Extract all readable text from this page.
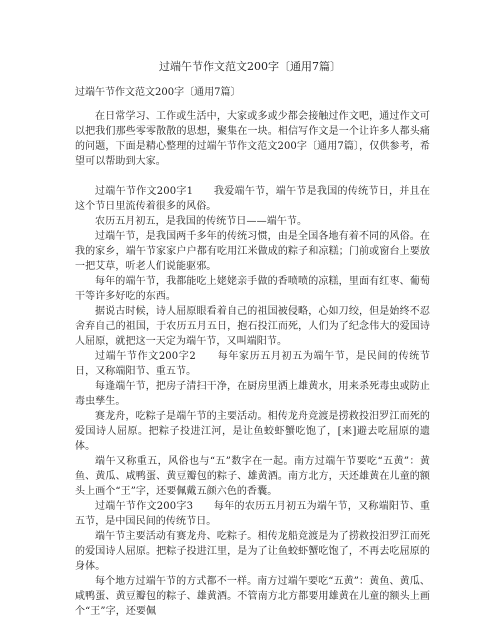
过端午节作文范文200字〔通用7篇〕
过端午节作文范文200字〔通用7篇〕

在日常学习、工作或生活中，大家或多或少都会接触过作文吧，通过作文可以把我们那些零零散散的思想，聚集在一块。相信写作文是一个让许多人都头痛的问题，下面是精心整理的过端午节作文范文200字〔通用7篇〕，仅供参考，希望可以帮助到大家。

过端午节作文200字1　　我爱端午节，端午节是我国的传统节日，并且在这个节日里流传着很多的风俗。

农历五月初五，是我国的传统节日——端午节。

过端午节，是我国两千多年的传统习惯，由是全国各地有着不同的风俗。在我的家乡，端午节家家户户都有吃用江米做成的粽子和凉糕；门前或窗台上要放一把艾草，听老人们说能驱邪。

每年的端午节，我都能吃上姥姥亲手做的香喷喷的凉糕，里面有红枣、葡萄干等许多好吃的东西。

据说古时候，诗人屈原眼看着自己的祖国被侵略，心如刀绞，但是始终不忍舍弃自己的祖国，于农历五月五日，抱石投江而死，人们为了纪念伟大的爱国诗人屈原，就把这一天定为端午节，又叫端阳节。

过端午节作文200字2　　每年家历五月初五为端午节，是民间的传统节日，又称端阳节、重五节。

每逢端午节，把房子清扫干净，在厨房里洒上雄黄水，用来杀死毒虫或防止毒虫孳生。

赛龙舟，吃粽子是端午节的主要活动。相传龙舟竞渡是捞救投汨罗江而死的爱国诗人屈原。把粽子投进江河，是让鱼蛟虾蟹吃饱了，[来]避去吃屈原的遗体。

端午又称重五，风俗也与“五”数字在一起。南方过端午节要吃“五黄”：黄鱼、黄瓜、咸鸭蛋、黄豆瓣包的粽子、雄黄酒。南方北方，天还雄黄在儿童的额头上画个“王”字，还要佩戴五颜六色的香囊。

过端午节作文200字3　　每年的农历五月初五为端午节，又称端阳节、重五节，是中国民间的传统节日。

端午节主要活动有赛龙舟、吃粽子。相传龙船竞渡是为了捞救投汨罗江而死的爱国诗人屈原。把粽子投进江里，是为了让鱼蛟虾蟹吃饱了，不再去吃屈原的身体。

每个地方过端午节的方式都不一样。南方过端午要吃“五黄”：黄鱼、黄瓜、咸鸭蛋、黄豆瓣包的粽子、雄黄酒。不管南方北方都要用雄黄在儿童的额头上画个“王”字，还要佩
